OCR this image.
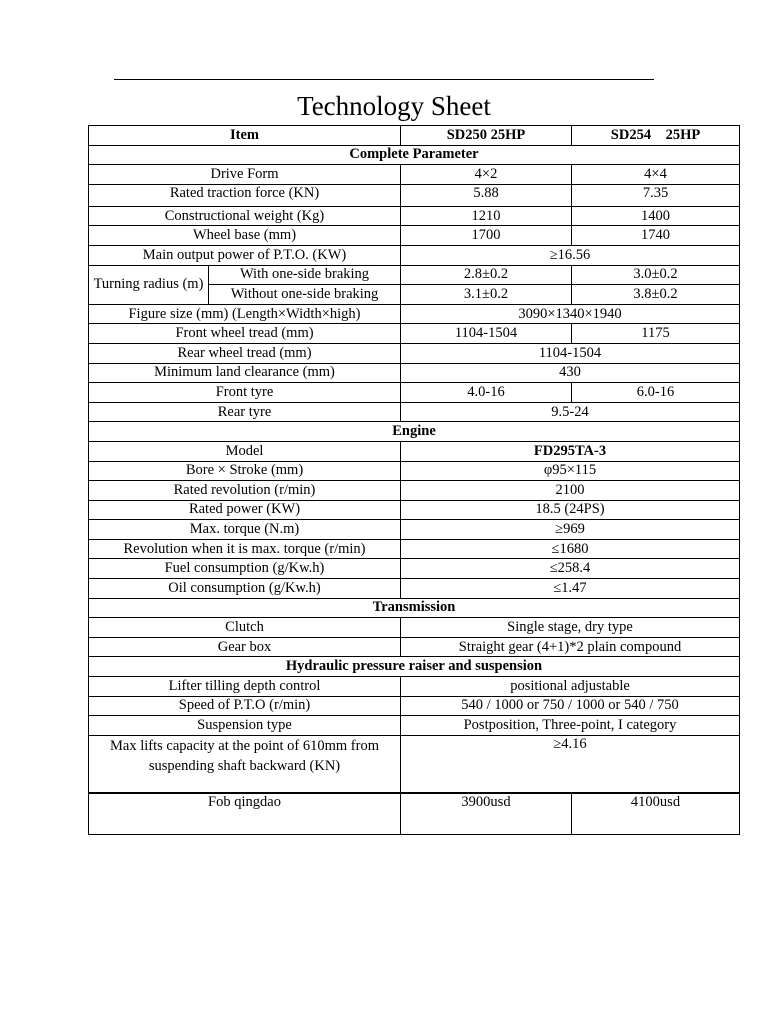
Technology Sheet
Item		SD250 25HP	SD254    25HP
Complete Parameter			
Drive Form		4×2	4×4
Rated traction force (KN)		5.88	7.35
Constructional weight (Kg)		1210	1400
Wheel base (mm)		1700	1740
Main output power of P.T.O. (KW)		≥16.56	
Turning radius (m)	With one-side braking	2.8±0.2	3.0±0.2
	Without one-side braking	3.1±0.2	3.8±0.2
Figure size (mm) (Length×Width×high)		3090×1340×1940	
Front wheel tread (mm)		1104-1504	1175
Rear wheel tread (mm)		1104-1504	
Minimum land clearance (mm)		430	
Front tyre		4.0-16	6.0-16
Rear tyre		9.5-24	
Engine			
Model		FD295TA-3	
Bore × Stroke (mm)		φ95×115	
Rated revolution (r/min)		2100	
Rated power (KW)		18.5 (24PS)	
Max. torque (N.m)		≥969	
Revolution when it is max. torque (r/min)		≤1680	
Fuel consumption (g/Kw.h)		≤258.4	
Oil consumption (g/Kw.h)		≤1.47	
Transmission			
Clutch		Single stage, dry type	
Gear box		Straight gear (4+1)*2 plain compound	
Hydraulic pressure raiser and suspension			
Lifter tilling depth control		positional adjustable	
Speed of P.T.O (r/min)		540 / 1000 or 750 / 1000 or 540 / 750	
Suspension type		Postposition, Three-point, I category	
Max lifts capacity at the point of 610mm from suspending shaft backward (KN)		≥4.16	
Fob qingdao		3900usd	4100usd
